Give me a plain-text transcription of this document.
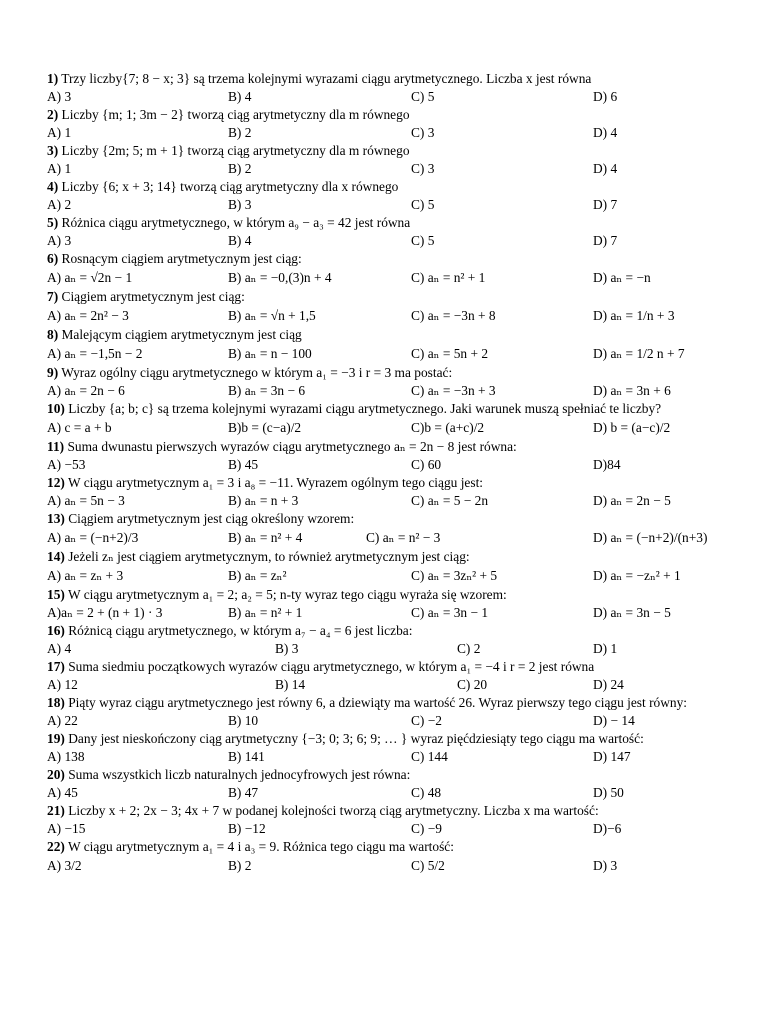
1) Trzy liczby{7; 8 − x; 3} są trzema kolejnymi wyrazami ciągu arytmetycznego. Liczba x jest równa
A) 3	B) 4	C) 5	D) 6
2) Liczby {m; 1; 3m − 2} tworzą ciąg arytmetyczny dla m równego
A) 1	B) 2	C) 3	D) 4
3) Liczby {2m; 5; m + 1} tworzą ciąg arytmetyczny dla m równego
A) 1	B) 2	C) 3	D) 4
4) Liczby {6; x + 3; 14} tworzą ciąg arytmetyczny dla x równego
A) 2	B) 3	C) 5	D) 7
5) Różnica ciągu arytmetycznego, w którym a₉ − a₃ = 42 jest równa
A) 3	B) 4	C) 5	D) 7
6) Rosnącym ciągiem arytmetycznym jest ciąg:
A) aₙ = √2n − 1	B) aₙ = −0,(3)n + 4	C) aₙ = n² + 1	D) aₙ = −n
7) Ciągiem arytmetycznym jest ciąg:
A) aₙ = 2n² − 3	B) aₙ = √n + 1,5	C) aₙ = −3n + 8	D) aₙ = 1/n + 3
8) Malejącym ciągiem arytmetycznym jest ciąg
A) aₙ = −1,5n − 2	B) aₙ = n − 100	C) aₙ = 5n + 2	D) aₙ = 1/2 n + 7
9) Wyraz ogólny ciągu arytmetycznego w którym a₁ = −3 i r = 3 ma postać:
A) aₙ = 2n − 6	B) aₙ = 3n − 6	C) aₙ = −3n + 3	D) aₙ = 3n + 6
10) Liczby {a; b; c} są trzema kolejnymi wyrazami ciągu arytmetycznego. Jaki warunek muszą spełniać te liczby?
A) c = a + b	B)b = (c−a)/2	C)b = (a+c)/2	D) b = (a−c)/2
11) Suma dwunastu pierwszych wyrazów ciągu arytmetycznego aₙ = 2n − 8 jest równa:
A) −53	B) 45	C) 60	D)84
12) W ciągu arytmetycznym a₁ = 3 i a₈ = −11. Wyrazem ogólnym tego ciągu jest:
A) aₙ = 5n − 3	B) aₙ = n + 3	C) aₙ = 5 − 2n	D) aₙ = 2n − 5
13) Ciągiem arytmetycznym jest ciąg określony wzorem:
A) aₙ = (−n+2)/3	B) aₙ = n² + 4	C) aₙ = n² − 3	D) aₙ = (−n+2)/(n+3)
14) Jeżeli zₙ jest ciągiem arytmetycznym, to również arytmetycznym jest ciąg:
A) aₙ = zₙ + 3	B) aₙ = zₙ²	C) aₙ = 3zₙ² + 5	D) aₙ = −zₙ² + 1
15) W ciągu arytmetycznym a₁ = 2; a₂ = 5; n-ty wyraz tego ciągu wyraża się wzorem:
A)aₙ = 2 + (n + 1) · 3	B) aₙ = n² + 1	C) aₙ = 3n − 1	D) aₙ = 3n − 5
16) Różnicą ciągu arytmetycznego, w którym a₇ − a₄ = 6 jest liczba:
A) 4	B) 3	C) 2	D) 1
17) Suma siedmiu początkowych wyrazów ciągu arytmetycznego, w którym a₁ = −4 i r = 2 jest równa
A) 12	B) 14	C) 20	D) 24
18) Piąty wyraz ciągu arytmetycznego jest równy 6, a dziewiąty ma wartość 26. Wyraz pierwszy tego ciągu jest równy:
A) 22	B) 10	C) −2	D) − 14
19) Dany jest nieskończony ciąg arytmetyczny {−3; 0; 3; 6; 9; … } wyraz pięćdziesiąty tego ciągu ma wartość:
A) 138	B) 141	C) 144	D) 147
20) Suma wszystkich liczb naturalnych jednocyfrowych jest równa:
A) 45	B) 47	C) 48	D) 50
21) Liczby x + 2; 2x − 3; 4x + 7 w podanej kolejności tworzą ciąg arytmetyczny. Liczba x ma wartość:
A) −15	B) −12	C) −9	D)−6
22) W ciągu arytmetycznym a₁ = 4 i a₃ = 9. Różnica tego ciągu ma wartość:
A) 3/2	B) 2	C) 5/2	D) 3
